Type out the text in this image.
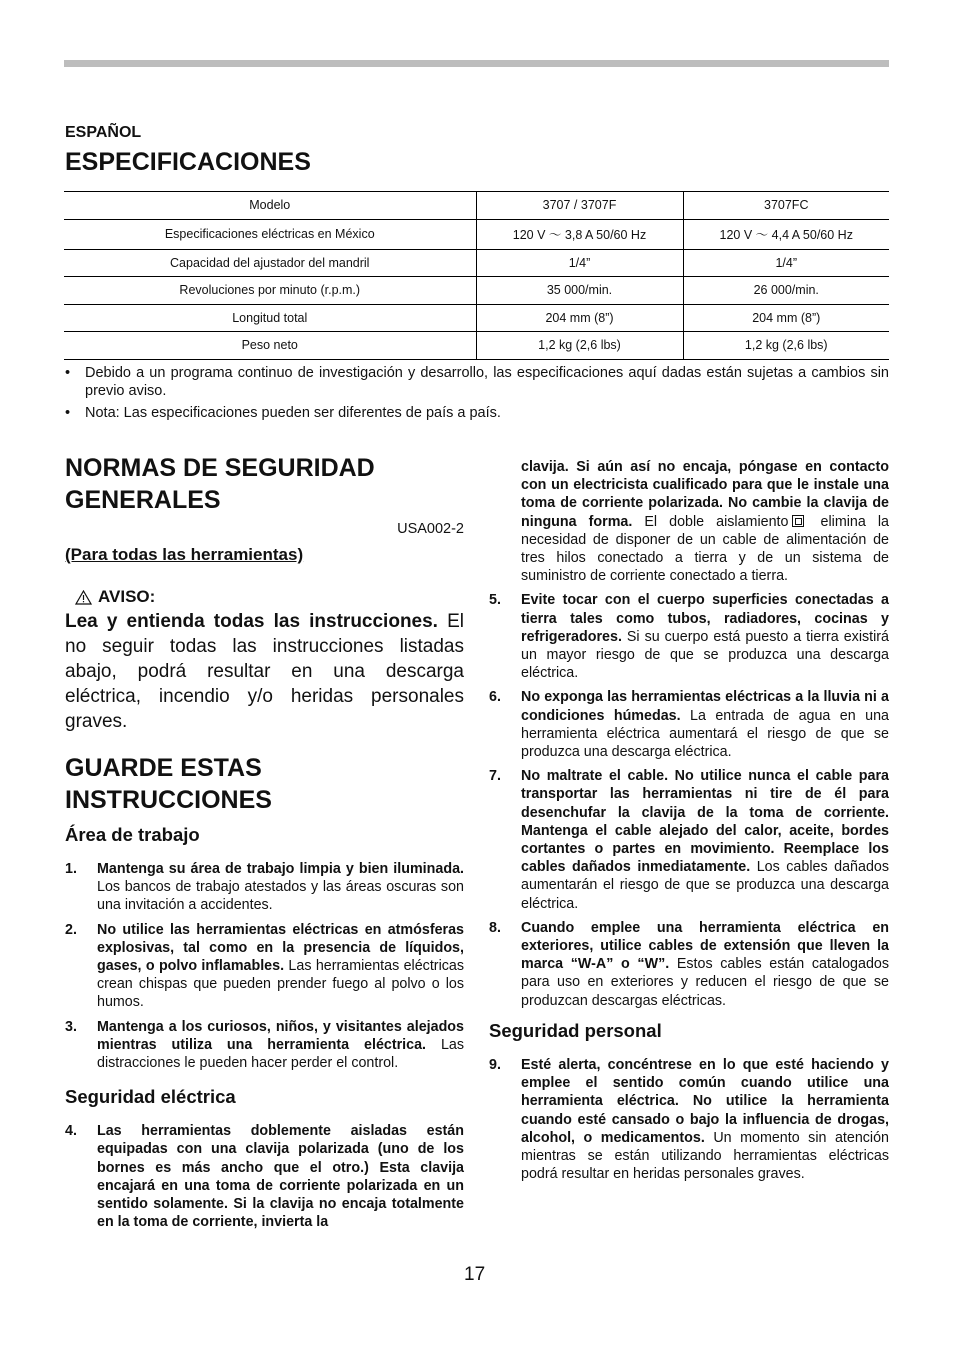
ESPAÑOL
ESPECIFICACIONES
Modelo	3707 / 3707F	3707FC
Especificaciones eléctricas en México	120 V ～ 3,8 A 50/60 Hz	120 V ～ 4,4 A 50/60 Hz
Capacidad del ajustador del mandril	1/4”	1/4”
Revoluciones por minuto (r.p.m.)	35 000/min.	26 000/min.
Longitud total	204 mm (8”)	204 mm (8”)
Peso neto	1,2 kg (2,6 lbs)	1,2 kg (2,6 lbs)
•	Debido a un programa continuo de investigación y desarrollo, las especificaciones aquí dadas están sujetas a cambios sin previo aviso.
•	Nota: Las especificaciones pueden ser diferentes de país a país.
NORMAS DE SEGURIDAD
GENERALES
USA002-2
(Para todas las herramientas)
AVISO:
Lea y entienda todas las instrucciones. El no seguir todas las instrucciones listadas abajo, podrá resultar en una descarga eléctrica, incendio y/o heridas personales graves.
GUARDE ESTAS
INSTRUCCIONES
Área de trabajo
1.	Mantenga su área de trabajo limpia y bien iluminada. Los bancos de trabajo atestados y las áreas oscuras son una invitación a accidentes.
2.	No utilice las herramientas eléctricas en atmósferas explosivas, tal como en la presencia de líquidos, gases, o polvo inflamables. Las herramientas eléctricas crean chispas que pueden prender fuego al polvo o los humos.
3.	Mantenga a los curiosos, niños, y visitantes alejados mientras utiliza una herramienta eléctrica. Las distracciones le pueden hacer perder el control.
Seguridad eléctrica
4.	Las herramientas doblemente aisladas están equipadas con una clavija polarizada (uno de los bornes es más ancho que el otro.) Esta clavija encajará en una toma de corriente polarizada en un sentido solamente. Si la clavija no encaja totalmente en la toma de corriente, invierta la
clavija. Si aún así no encaja, póngase en contacto con un electricista cualificado para que le instale una toma de corriente polarizada. No cambie la clavija de ninguna forma. El doble aislamiento elimina la necesidad de disponer de un cable de alimentación de tres hilos conectado a tierra y de un sistema de suministro de corriente conectado a tierra.
5.	Evite tocar con el cuerpo superficies conectadas a tierra tales como tubos, radiadores, cocinas y refrigeradores. Si su cuerpo está puesto a tierra existirá un mayor riesgo de que se produzca una descarga eléctrica.
6.	No exponga las herramientas eléctricas a la lluvia ni a condiciones húmedas. La entrada de agua en una herramienta eléctrica aumentará el riesgo de que se produzca una descarga eléctrica.
7.	No maltrate el cable. No utilice nunca el cable para transportar las herramientas ni tire de él para desenchufar la clavija de la toma de corriente. Mantenga el cable alejado del calor, aceite, bordes cortantes o partes en movimiento. Reemplace los cables dañados inmediatamente. Los cables dañados aumentarán el riesgo de que se produzca una descarga eléctrica.
8.	Cuando emplee una herramienta eléctrica en exteriores, utilice cables de extensión que lleven la marca “W-A” o “W”. Estos cables están catalogados para uso en exteriores y reducen el riesgo de que se produzcan descargas eléctricas.
Seguridad personal
9.	Esté alerta, concéntrese en lo que esté haciendo y emplee el sentido común cuando utilice una herramienta eléctrica. No utilice la herramienta cuando esté cansado o bajo la influencia de drogas, alcohol, o medicamentos. Un momento sin atención mientras se están utilizando herramientas eléctricas podrá resultar en heridas personales graves.
17
